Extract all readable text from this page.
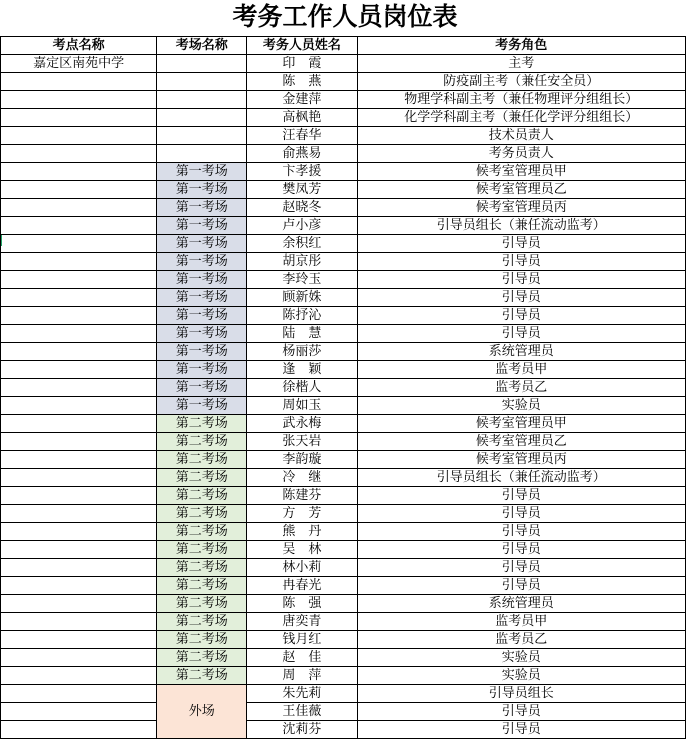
考务工作人员岗位表
考点名称	考场名称	考务人员姓名	考务角色
嘉定区南苑中学		印　霞	主考
		陈　燕	防疫副主考（兼任安全员）
		金建萍	物理学科副主考（兼任物理评分组组长）
		高枫艳	化学学科副主考（兼任化学评分组组长）
		汪春华	技术员责人
		俞燕易	考务员责人
	第一考场	卞孝援	候考室管理员甲
	第一考场	樊凤芳	候考室管理员乙
	第一考场	赵晓冬	候考室管理员丙
	第一考场	卢小彦	引导员组长（兼任流动监考）
	第一考场	余积红	引导员
	第一考场	胡京彤	引导员
	第一考场	李玲玉	引导员
	第一考场	顾新姝	引导员
	第一考场	陈抒沁	引导员
	第一考场	陆　慧	引导员
	第一考场	杨丽莎	系统管理员
	第一考场	逢　颖	监考员甲
	第一考场	徐楷人	监考员乙
	第一考场	周如玉	实验员
	第二考场	武永梅	候考室管理员甲
	第二考场	张天岩	候考室管理员乙
	第二考场	李韵璇	候考室管理员丙
	第二考场	冷　继	引导员组长（兼任流动监考）
	第二考场	陈建芬	引导员
	第二考场	方　芳	引导员
	第二考场	熊　丹	引导员
	第二考场	吴　林	引导员
	第二考场	林小莉	引导员
	第二考场	冉春光	引导员
	第二考场	陈　强	系统管理员
	第二考场	唐奕青	监考员甲
	第二考场	钱月红	监考员乙
	第二考场	赵　佳	实验员
	第二考场	周　萍	实验员
	外场	朱先莉	引导员组长
		王佳薇	引导员
		沈莉芬	引导员
